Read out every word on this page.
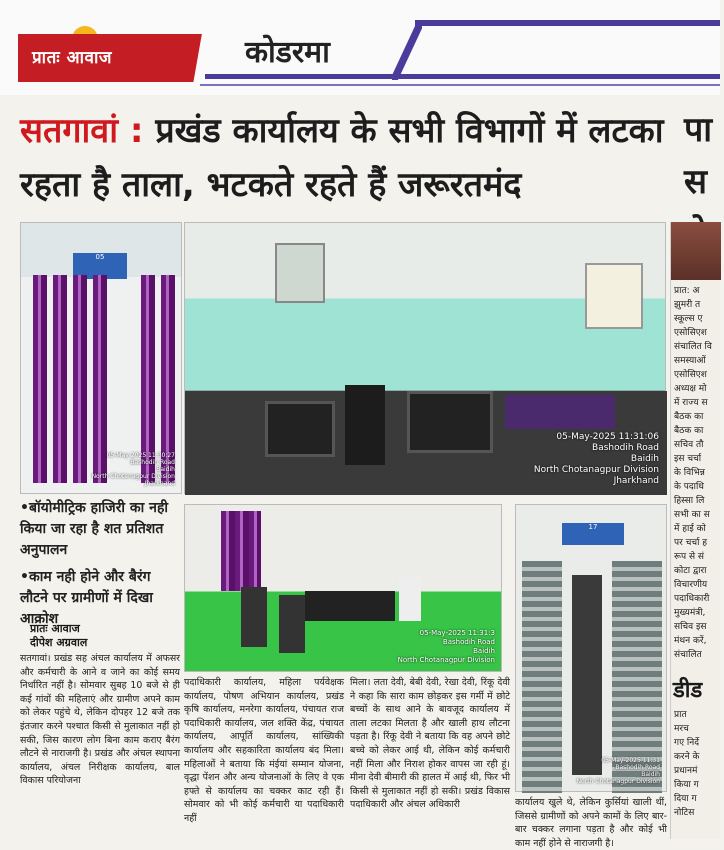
प्रातः आवाज	कोडरमा
सतगावां : प्रखंड कार्यालय के सभी विभागों में लटका रहता है ताला, भटकते रहते हैं जरूरतमंद
पा स
05
05-May-2025 11:30:27
Bashodih Road
Baidih
North Chotanagpur Division
Jharkhand
05-May-2025 11:31:06
Bashodih Road
Baidih
North Chotanagpur Division
Jharkhand
05-May-2025 11:31:3
Bashodih Road
Baidih
North Chotanagpur Division
17
05-May-2025 11:31
Bashodih Road
Baidih
North Chotanagpur Division
•बॉयोमीट्रिक हाजिरी का नही किया जा रहा है शत प्रतिशत अनुपालन
•काम नही होने और बैरंग लौटने पर ग्रामीणों में दिखा आक्रोश
प्रातः आवाज
दीपेश अग्रवाल
सतगावां। प्रखंड सह अंचल कार्यालय में अफसर और कर्मचारी के आने व जाने का कोई समय निर्धारित नहीं है। सोमवार सुबह 10 बजे से ही कई गांवों की महिलाएं और ग्रामीण अपने काम को लेकर पहुंचे थे, लेकिन दोपहर 12 बजे तक इंतजार करने पश्चात किसी से मुलाकात नहीं हो सकी, जिस कारण लोग बिना काम कराए बैरंग लौटने से नाराजगी है। प्रखंड और अंचल स्थापना कार्यालय, अंचल निरीक्षक कार्यालय, बाल विकास परियोजना
पदाधिकारी कार्यालय, महिला पर्यवेक्षक कार्यालय, पोषण अभियान कार्यालय, प्रखंड कृषि कार्यालय, मनरेगा कार्यालय, पंचायत राज पदाधिकारी कार्यालय, जल शक्ति केंद्र, पंचायत कार्यालय, आपूर्ति कार्यालय, सांख्यिकी कार्यालय और सहकारिता कार्यालय बंद मिला। महिलाओं ने बताया कि मंईयां सम्मान योजना, वृद्धा पेंशन और अन्य योजनाओं के लिए वे एक हफ्ते से कार्यालय का चक्कर काट रही हैं। सोमवार को भी कोई कर्मचारी या पदाधिकारी नहीं
मिला। लता देवी, बेबी देवी, रेखा देवी, रिंकू देवी ने कहा कि सारा काम छोड़कर इस गर्मी में छोटे बच्चों के साथ आने के बावजूद कार्यालय में ताला लटका मिलता है और खाली हाथ लौटना पड़ता है। रिंकू देवी ने बताया कि वह अपने छोटे बच्चे को लेकर आई थी, लेकिन कोई कर्मचारी नहीं मिला और निराश होकर वापस जा रही हूं। मीना देवी बीमारी की हालत में आई थी, फिर भी किसी से मुलाकात नहीं हो सकी। प्रखंड विकास पदाधिकारी और अंचल अधिकारी	कार्यालय खुले थे, लेकिन कुर्सियां खाली थीं, जिससे ग्रामीणों को अपने कामों के लिए बार-बार चक्कर लगाना पड़ता है और कोई भी काम नहीं होने से नाराजगी है।
प्रात: अ
झुमरी त
स्कूल्स ए
एसोसिएश
संचालित वि
समस्याओं
एसोसिएश
अध्यक्ष मो
में राज्य स
बैठक का
बैठक का
सचिव तौ
इस चर्चा
के विभिन्न
के पदाधि
हिस्सा लि
सभी का स
में हाई को
पर चर्चा ह
रूप से सं
कोटा द्वारा
विचारणीय
पदाधिकारी
मुख्यमंत्री,
सचिव इस
मंथन करें,
संचालित
डीड
प्रात
मरच
गए निर्दे
करने के
प्रधानमं
किया ग
दिया ग
नोटिस
